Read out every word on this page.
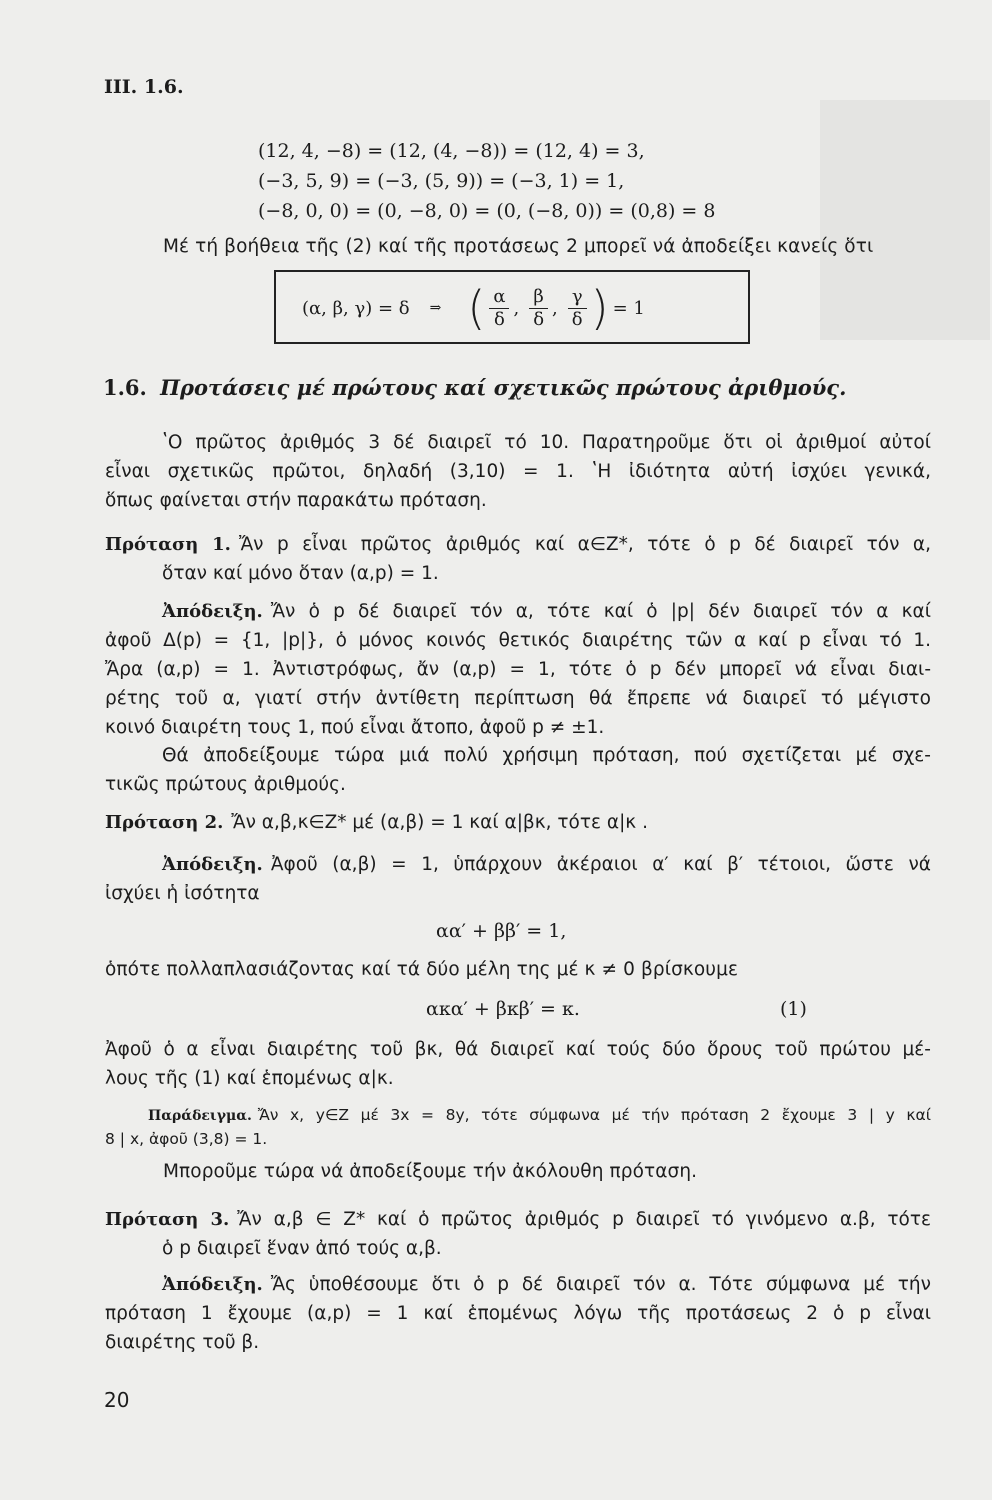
III. 1.6.
(12, 4, −8) = (12, (4, −8)) = (12, 4) = 3,
(−3, 5, 9) = (−3, (5, 9)) = (−3, 1) = 1,
(−8, 0, 0) = (0, −8, 0) = (0, (−8, 0)) = (0,8) = 8
Μέ τή βοήθεια τῆς (2) καί τῆς προτάσεως 2 μπορεῖ νά ἀποδείξει κανείς ὅτι
(α, β, γ) = δ ⇒ ( $\frac{\alpha}{\delta}$ , $\frac{\beta}{\delta}$ , $\frac{\gamma}{\delta}$ ) = 1
1.6. Προτάσεις μέ πρώτους καί σχετικῶς πρώτους ἀριθμούς.
ʽΟ πρῶτος ἀριθμός 3 δέ διαιρεῖ τό 10. Παρατηροῦμε ὅτι οἱ ἀριθμοί αὐτοί
εἶναι σχετικῶς πρῶτοι, δηλαδή (3,10) = 1. ʽΗ ἰδιότητα αὐτή ἰσχύει γενικά,
ὅπως φαίνεται στήν παρακάτω πρόταση.
Πρόταση 1. Ἄν p εἶναι πρῶτος ἀριθμός καί α∈Z*, τότε ὁ p δέ διαιρεῖ τόν α,
ὅταν καί μόνο ὅταν (α,p) = 1.
Ἀπόδειξη. Ἄν ὁ p δέ διαιρεῖ τόν α, τότε καί ὁ |p| δέν διαιρεῖ τόν α καί
ἀφοῦ Δ(p) = {1, |p|}, ὁ μόνος κοινός θετικός διαιρέτης τῶν α καί p εἶναι τό 1.
Ἄρα (α,p) = 1. Ἀντιστρόφως, ἄν (α,p) = 1, τότε ὁ p δέν μπορεῖ νά εἶναι διαι-
ρέτης τοῦ α, γιατί στήν ἀντίθετη περίπτωση θά ἔπρεπε νά διαιρεῖ τό μέγιστο
κοινό διαιρέτη τους 1, πού εἶναι ἄτοπο, ἀφοῦ p ≠ ±1.
Θά ἀποδείξουμε τώρα μιά πολύ χρήσιμη πρόταση, πού σχετίζεται μέ σχε-
τικῶς πρώτους ἀριθμούς.
Πρόταση 2. Ἄν α,β,κ∈Z* μέ (α,β) = 1 καί α|βκ, τότε α|κ .
Ἀπόδειξη. Ἀφοῦ (α,β) = 1, ὑπάρχουν ἀκέραιοι α′ καί β′ τέτοιοι, ὥστε νά
ἰσχύει ἡ ἰσότητα
αα′ + ββ′ = 1,
ὁπότε πολλαπλασιάζοντας καί τά δύο μέλη της μέ κ ≠ 0 βρίσκουμε
ακα′ + βκβ′ = κ.	(1)
Ἀφοῦ ὁ α εἶναι διαιρέτης τοῦ βκ, θά διαιρεῖ καί τούς δύο ὅρους τοῦ πρώτου μέ-
λους τῆς (1) καί ἑπομένως α|κ.
Παράδειγμα. Ἄν x, y∈Z μέ 3x = 8y, τότε σύμφωνα μέ τήν πρόταση 2 ἔχουμε 3 | y καί
8 | x, ἀφοῦ (3,8) = 1.
Μποροῦμε τώρα νά ἀποδείξουμε τήν ἀκόλουθη πρόταση.
Πρόταση 3. Ἄν α,β ∈ Z* καί ὁ πρῶτος ἀριθμός p διαιρεῖ τό γινόμενο α.β, τότε
ὁ p διαιρεῖ ἕναν ἀπό τούς α,β.
Ἀπόδειξη. Ἄς ὑποθέσουμε ὅτι ὁ p δέ διαιρεῖ τόν α. Τότε σύμφωνα μέ τήν
πρόταση 1 ἔχουμε (α,p) = 1 καί ἑπομένως λόγω τῆς προτάσεως 2 ὁ p εἶναι
διαιρέτης τοῦ β.
20
